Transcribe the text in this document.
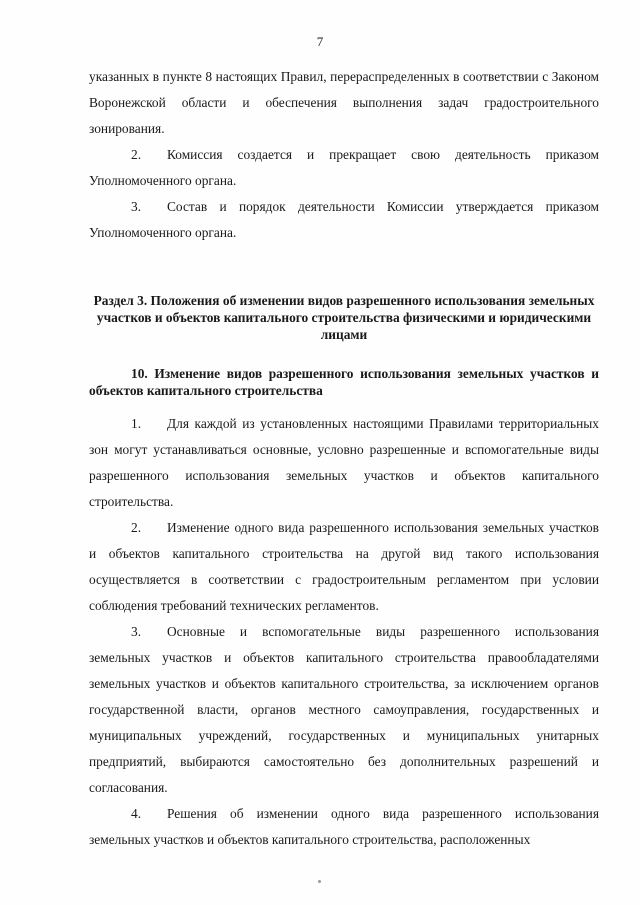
7

указанных в пункте 8 настоящих Правил, перераспределенных в соответствии с Законом Воронежской области и обеспечения выполнения задач градостроительного зонирования.

2. Комиссия создается и прекращает свою деятельность приказом Уполномоченного органа.

3. Состав и порядок деятельности Комиссии утверждается приказом Уполномоченного органа.

Раздел 3. Положения об изменении видов разрешенного использования земельных участков и объектов капитального строительства физическими и юридическими лицами
10. Изменение видов разрешенного использования земельных участков и объектов капитального строительства

1. Для каждой из установленных настоящими Правилами территориальных зон могут устанавливаться основные, условно разрешенные и вспомогательные виды разрешенного использования земельных участков и объектов капитального строительства.

2. Изменение одного вида разрешенного использования земельных участков и объектов капитального строительства на другой вид такого использования осуществляется в соответствии с градостроительным регламентом при условии соблюдения требований технических регламентов.

3. Основные и вспомогательные виды разрешенного использования земельных участков и объектов капитального строительства правообладателями земельных участков и объектов капитального строительства, за исключением органов государственной власти, органов местного самоуправления, государственных и муниципальных учреждений, государственных и муниципальных унитарных предприятий, выбираются самостоятельно без дополнительных разрешений и согласования.

4. Решения об изменении одного вида разрешенного использования земельных участков и объектов капитального строительства, расположенных
